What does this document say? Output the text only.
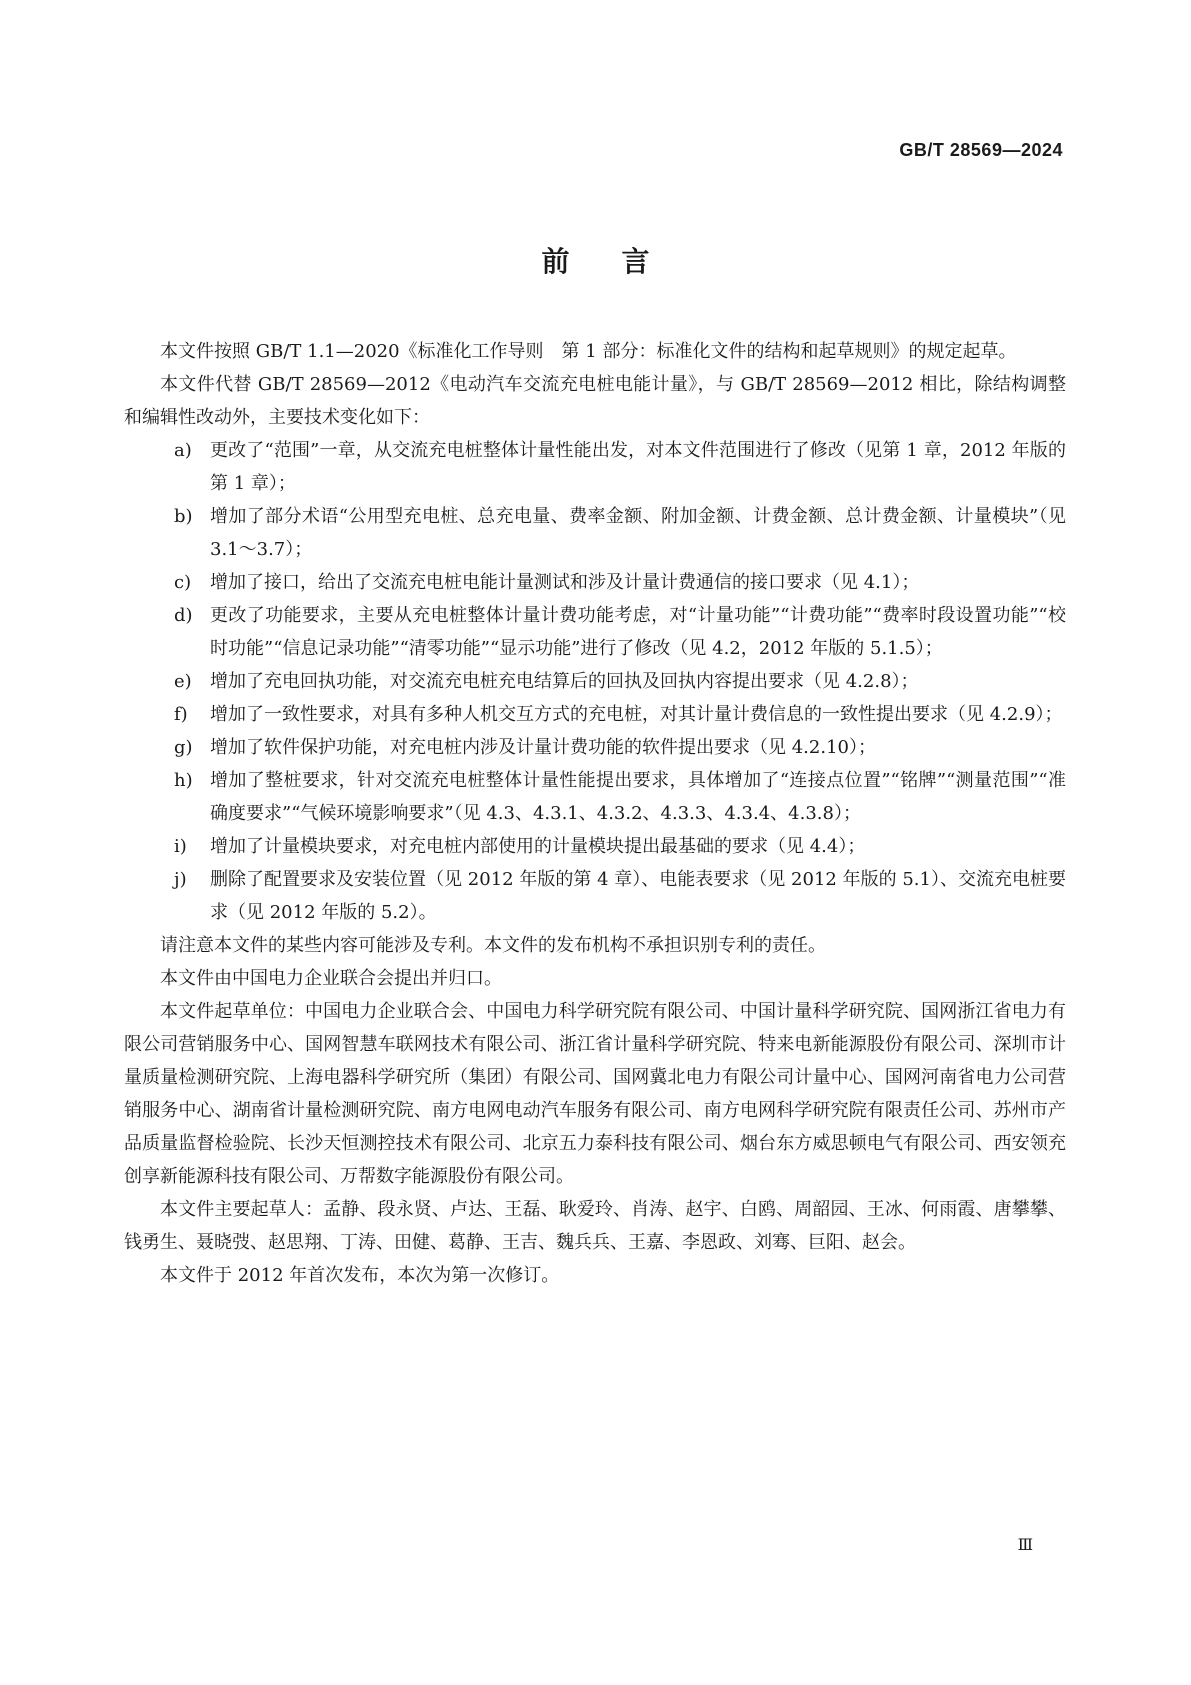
GB/T 28569—2024
前言

本文件按照 GB/T 1.1—2020《标准化工作导则　第 1 部分：标准化文件的结构和起草规则》的规定起草。

本文件代替 GB/T 28569—2012《电动汽车交流充电桩电能计量》，与 GB/T 28569—2012 相比，除结构调整和编辑性改动外，主要技术变化如下：

a)	更改了“范围”一章，从交流充电桩整体计量性能出发，对本文件范围进行了修改（见第 1 章，2012 年版的第 1 章）；
b) 增加了部分术语“公用型充电桩、总充电量、费率金额、附加金额、计费金额、总计费金额、计量模块”（见 3.1～3.7）；
c)	增加了接口，给出了交流充电桩电能计量测试和涉及计量计费通信的接口要求（见 4.1）；
d) 更改了功能要求，主要从充电桩整体计量计费功能考虑，对“计量功能”“计费功能”“费率时段设置功能”“校时功能”“信息记录功能”“清零功能”“显示功能”进行了修改（见 4.2，2012 年版的 5.1.5）；
e)	增加了充电回执功能，对交流充电桩充电结算后的回执及回执内容提出要求（见 4.2.8）；
f)	增加了一致性要求，对具有多种人机交互方式的充电桩，对其计量计费信息的一致性提出要求（见 4.2.9）；
g) 增加了软件保护功能，对充电桩内涉及计量计费功能的软件提出要求（见 4.2.10）；
h) 增加了整桩要求，针对交流充电桩整体计量性能提出要求，具体增加了“连接点位置”“铭牌”“测量范围”“准确度要求”“气候环境影响要求”（见 4.3、4.3.1、4.3.2、4.3.3、4.3.4、4.3.8）；
i)	增加了计量模块要求，对充电桩内部使用的计量模块提出最基础的要求（见 4.4）；
j)	删除了配置要求及安装位置（见 2012 年版的第 4 章）、电能表要求（见 2012 年版的 5.1）、交流充电桩要求（见 2012 年版的 5.2）。

请注意本文件的某些内容可能涉及专利。本文件的发布机构不承担识别专利的责任。

本文件由中国电力企业联合会提出并归口。

本文件起草单位：中国电力企业联合会、中国电力科学研究院有限公司、中国计量科学研究院、国网浙江省电力有限公司营销服务中心、国网智慧车联网技术有限公司、浙江省计量科学研究院、特来电新能源股份有限公司、深圳市计量质量检测研究院、上海电器科学研究所（集团）有限公司、国网冀北电力有限公司计量中心、国网河南省电力公司营销服务中心、湖南省计量检测研究院、南方电网电动汽车服务有限公司、南方电网科学研究院有限责任公司、苏州市产品质量监督检验院、长沙天恒测控技术有限公司、北京五力泰科技有限公司、烟台东方威思顿电气有限公司、西安领充创享新能源科技有限公司、万帮数字能源股份有限公司。

本文件主要起草人：孟静、段永贤、卢达、王磊、耿爱玲、肖涛、赵宇、白鸥、周韶园、王冰、何雨霞、唐攀攀、钱勇生、聂晓弢、赵思翔、丁涛、田健、葛静、王吉、魏兵兵、王嘉、李恩政、刘骞、巨阳、赵会。

本文件于 2012 年首次发布，本次为第一次修订。

Ⅲ
